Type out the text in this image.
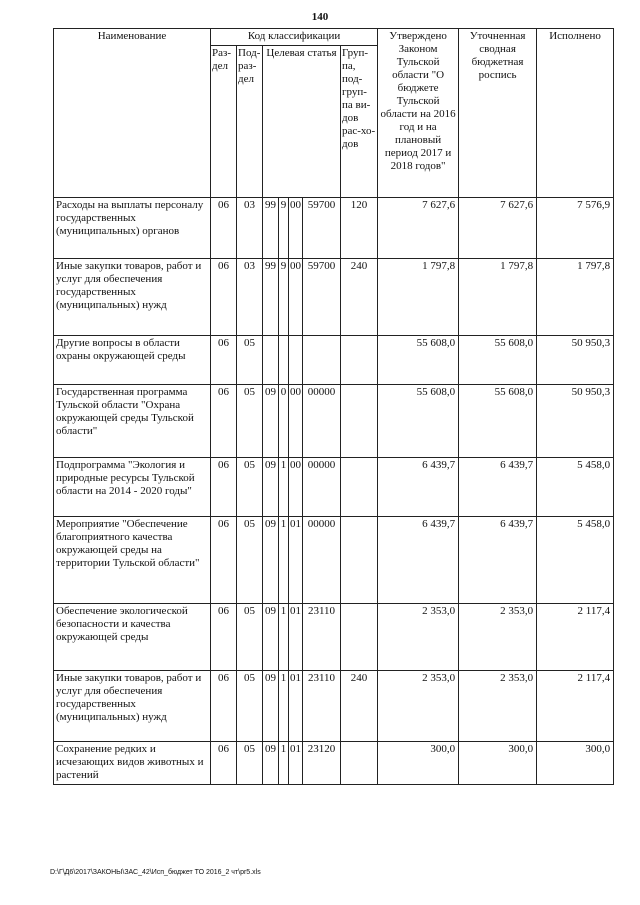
140
Наименование	Код классификации							Утверждено Законом Тульской области "О бюджете Тульской области на 2016 год и на плановый период 2017 и 2018 годов"	Уточненная сводная бюджетная роспись	Исполнено
	Раз-дел	Под-раз-дел	Целевая статья				Груп-па, под-груп-па ви-дов рас-хо-дов			
Расходы на выплаты персоналу государственных (муниципальных) органов	06	03	99	9	00	59700	120	7 627,6	7 627,6	7 576,9
Иные закупки товаров, работ и услуг для обеспечения государственных (муниципальных) нужд	06	03	99	9	00	59700	240	1 797,8	1 797,8	1 797,8
Другие вопросы в области охраны окружающей среды	06	05						55 608,0	55 608,0	50 950,3
Государственная программа Тульской области "Охрана окружающей среды Тульской области"	06	05	09	0	00	00000		55 608,0	55 608,0	50 950,3
Подпрограмма "Экология и природные ресурсы Тульской области на 2014 - 2020 годы"	06	05	09	1	00	00000		6 439,7	6 439,7	5 458,0
Мероприятие "Обеспечение благоприятного качества окружающей среды на территории Тульской области"	06	05	09	1	01	00000		6 439,7	6 439,7	5 458,0
Обеспечение экологической безопасности и качества окружающей среды	06	05	09	1	01	23110		2 353,0	2 353,0	2 117,4
Иные закупки товаров, работ и услуг для обеспечения государственных (муниципальных) нужд	06	05	09	1	01	23110	240	2 353,0	2 353,0	2 117,4
Сохранение редких и исчезающих видов животных и растений	06	05	09	1	01	23120		300,0	300,0	300,0
D:\Г\Д6\2017\ЗАКОНЫ\ЗАС_42\Исп_бюджет ТО 2016_2 чт\pr5.xls
